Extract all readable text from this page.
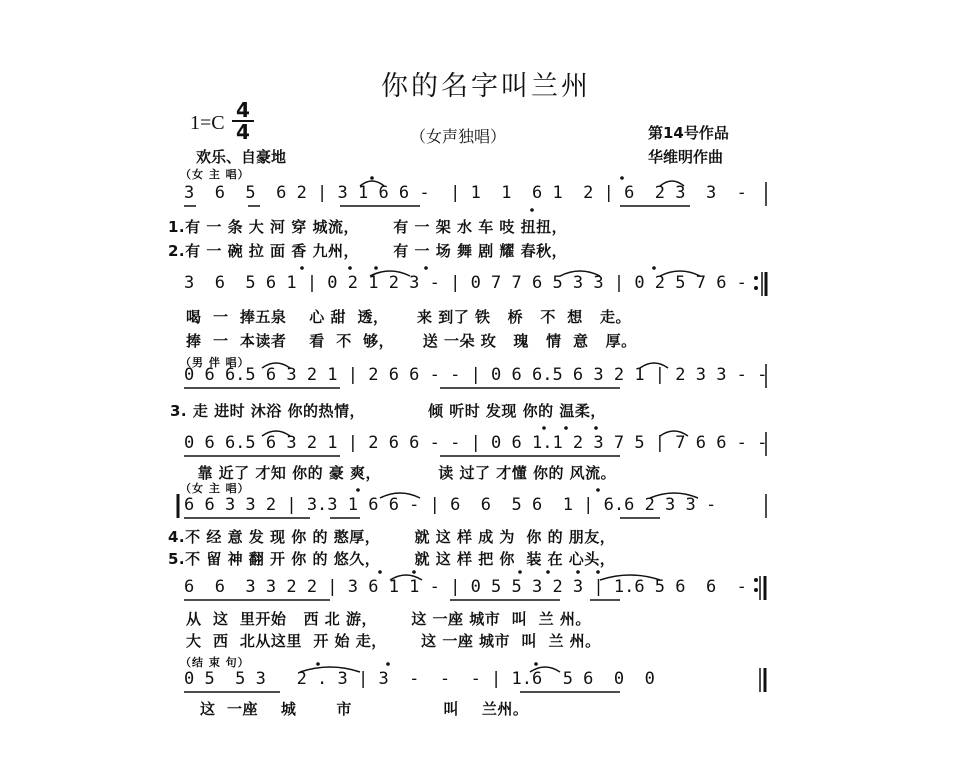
你的名字叫兰州
$1=C \frac{4}{4}$
欢乐、自豪地
（女声独唱）	第14号作品
华维明作曲
（女 主 唱）
（男 伴 唱）
（女 主 唱）
（结 束 句）
3  6  5  6 2 | 3 1 6 6 -  | 1  1  6 1  2 | 6  2 3  3  -
1.有 一 条 大 河 穿 城流，      有 一 架 水 车 吱 扭扭，
2.有 一 碗 拉 面 香 九州，      有 一 场 舞 剧 耀 春秋，
3  6  5 6 1 | 0 2 1 2 3 - | 0 7 7 6 5 3 3 | 0 2 5 7 6 -
喝  一  捧五泉    心 甜  透，     来 到了 铁   桥   不  想   走。
捧  一  本读者    看  不  够，     送 一朵 玫   瑰   情  意   厚。
0 6 6.5 6 3 2 1 | 2 6 6 - - | 0 6 6.5 6 3 2 1 | 2 3 3 - -
3. 走 进时 沐浴 你的热情，           倾 听时 发现 你的 温柔，
0 6 6.5 6 3 2 1 | 2 6 6 - - | 0 6 1.1 2 3 7 5 | 7 6 6 - -
靠 近了 才知 你的 豪 爽，          读 过了 才懂 你的 风流。
6 6 3 3 2 | 3.3 1 6 6 - | 6  6  5 6  1 | 6.6 2 3 3 -
4.不 经 意 发 现 你 的 憨厚，      就 这 样 成 为  你 的 朋友，
5.不 留 神 翻 开 你 的 悠久，      就 这 样 把 你  装 在 心头，
6  6  3 3 2 2 | 3 6 1 1 - | 0 5 5 3 2 3 | 1.6 5 6  6  -
从  这  里开始   西 北 游，      这 一座 城市  叫  兰 州。
大  西  北从这里  开 始 走，      这 一座 城市  叫  兰 州。
0 5  5 3   2 . 3 | 3  -  -  - | 1.6  5 6  0  0
这  一座    城       市                叫    兰州。
